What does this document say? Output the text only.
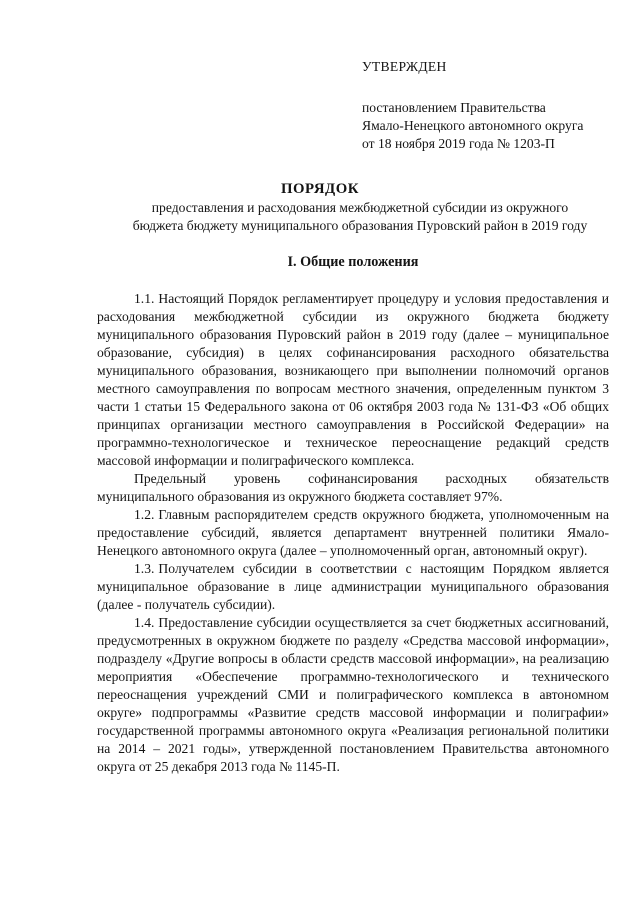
УТВЕРЖДЕН
постановлением Правительства
Ямало-Ненецкого автономного округа
от 18 ноября 2019 года № 1203-П
ПОРЯДОК
предоставления и расходования межбюджетной субсидии из окружного
бюджета бюджету муниципального образования Пуровский район в 2019 году
I. Общие положения

1.1. Настоящий Порядок регламентирует процедуру и условия предоставления и расходования межбюджетной субсидии из окружного бюджета бюджету муниципального образования Пуровский район в 2019 году (далее – муниципальное образование, субсидия) в целях софинансирования расходного обязательства муниципального образования, возникающего при выполнении полномочий органов местного самоуправления по вопросам местного значения, определенным пунктом 3 части 1 статьи 15 Федерального закона от 06 октября 2003 года № 131-ФЗ «Об общих принципах организации местного самоуправления в Российской Федерации» на программно-технологическое и техническое переоснащение редакций средств массовой информации и полиграфического комплекса.

Предельный уровень софинансирования расходных обязательств муниципального образования из окружного бюджета составляет 97%.

1.2. Главным распорядителем средств окружного бюджета, уполномоченным на предоставление субсидий, является департамент внутренней политики Ямало-Ненецкого автономного округа (далее – уполномоченный орган, автономный округ).

1.3. Получателем субсидии в соответствии с настоящим Порядком является муниципальное образование в лице администрации муниципального образования (далее - получатель субсидии).

1.4. Предоставление субсидии осуществляется за счет бюджетных ассигнований, предусмотренных в окружном бюджете по разделу «Средства массовой информации», подразделу «Другие вопросы в области средств массовой информации», на реализацию мероприятия «Обеспечение программно-технологического и технического переоснащения учреждений СМИ и полиграфического комплекса в автономном округе» подпрограммы «Развитие средств массовой информации и полиграфии» государственной программы автономного округа «Реализация региональной политики на 2014 – 2021 годы», утвержденной постановлением Правительства автономного округа от 25 декабря 2013 года № 1145-П.
